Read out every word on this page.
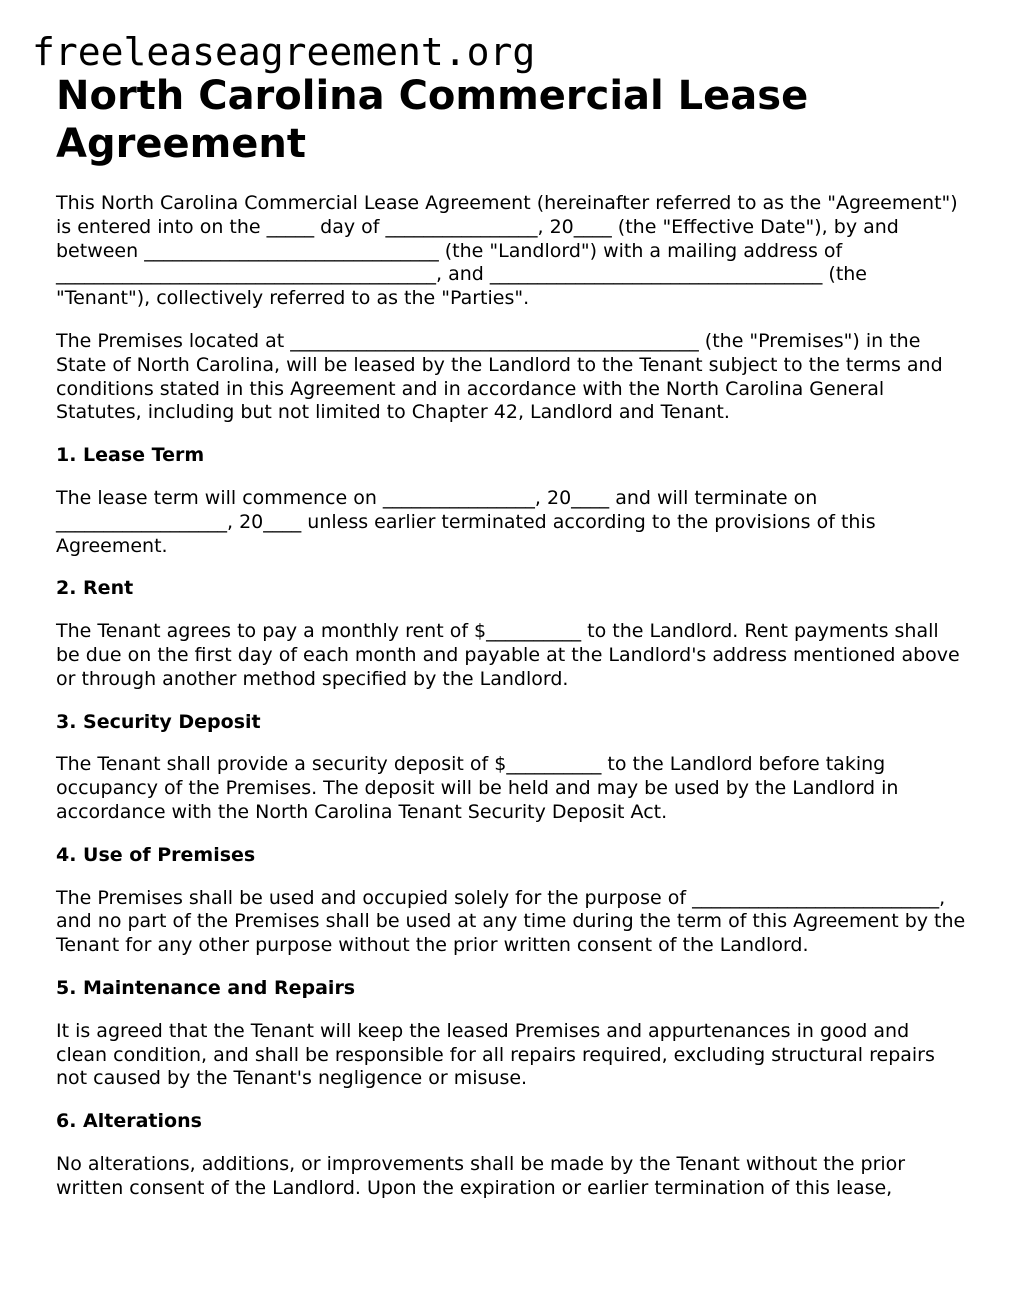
freeleaseagreement.org
North Carolina Commercial Lease Agreement

This North Carolina Commercial Lease Agreement (hereinafter referred to as the "Agreement") is entered into on the _____ day of ________________, 20____ (the "Effective Date"), by and between _______________________________ (the "Landlord") with a mailing address of ________________________________________, and ___________________________________ (the "Tenant"), collectively referred to as the "Parties".

The Premises located at ___________________________________________ (the "Premises") in the State of North Carolina, will be leased by the Landlord to the Tenant subject to the terms and conditions stated in this Agreement and in accordance with the North Carolina General Statutes, including but not limited to Chapter 42, Landlord and Tenant.

1. Lease Term

The lease term will commence on ________________, 20____ and will terminate on __________________, 20____ unless earlier terminated according to the provisions of this Agreement.

2. Rent

The Tenant agrees to pay a monthly rent of $__________ to the Landlord. Rent payments shall be due on the first day of each month and payable at the Landlord's address mentioned above or through another method specified by the Landlord.

3. Security Deposit

The Tenant shall provide a security deposit of $__________ to the Landlord before taking occupancy of the Premises. The deposit will be held and may be used by the Landlord in accordance with the North Carolina Tenant Security Deposit Act.

4. Use of Premises

The Premises shall be used and occupied solely for the purpose of __________________________, and no part of the Premises shall be used at any time during the term of this Agreement by the Tenant for any other purpose without the prior written consent of the Landlord.

5. Maintenance and Repairs

It is agreed that the Tenant will keep the leased Premises and appurtenances in good and clean condition, and shall be responsible for all repairs required, excluding structural repairs not caused by the Tenant's negligence or misuse.

6. Alterations

No alterations, additions, or improvements shall be made by the Tenant without the prior written consent of the Landlord. Upon the expiration or earlier termination of this lease,
